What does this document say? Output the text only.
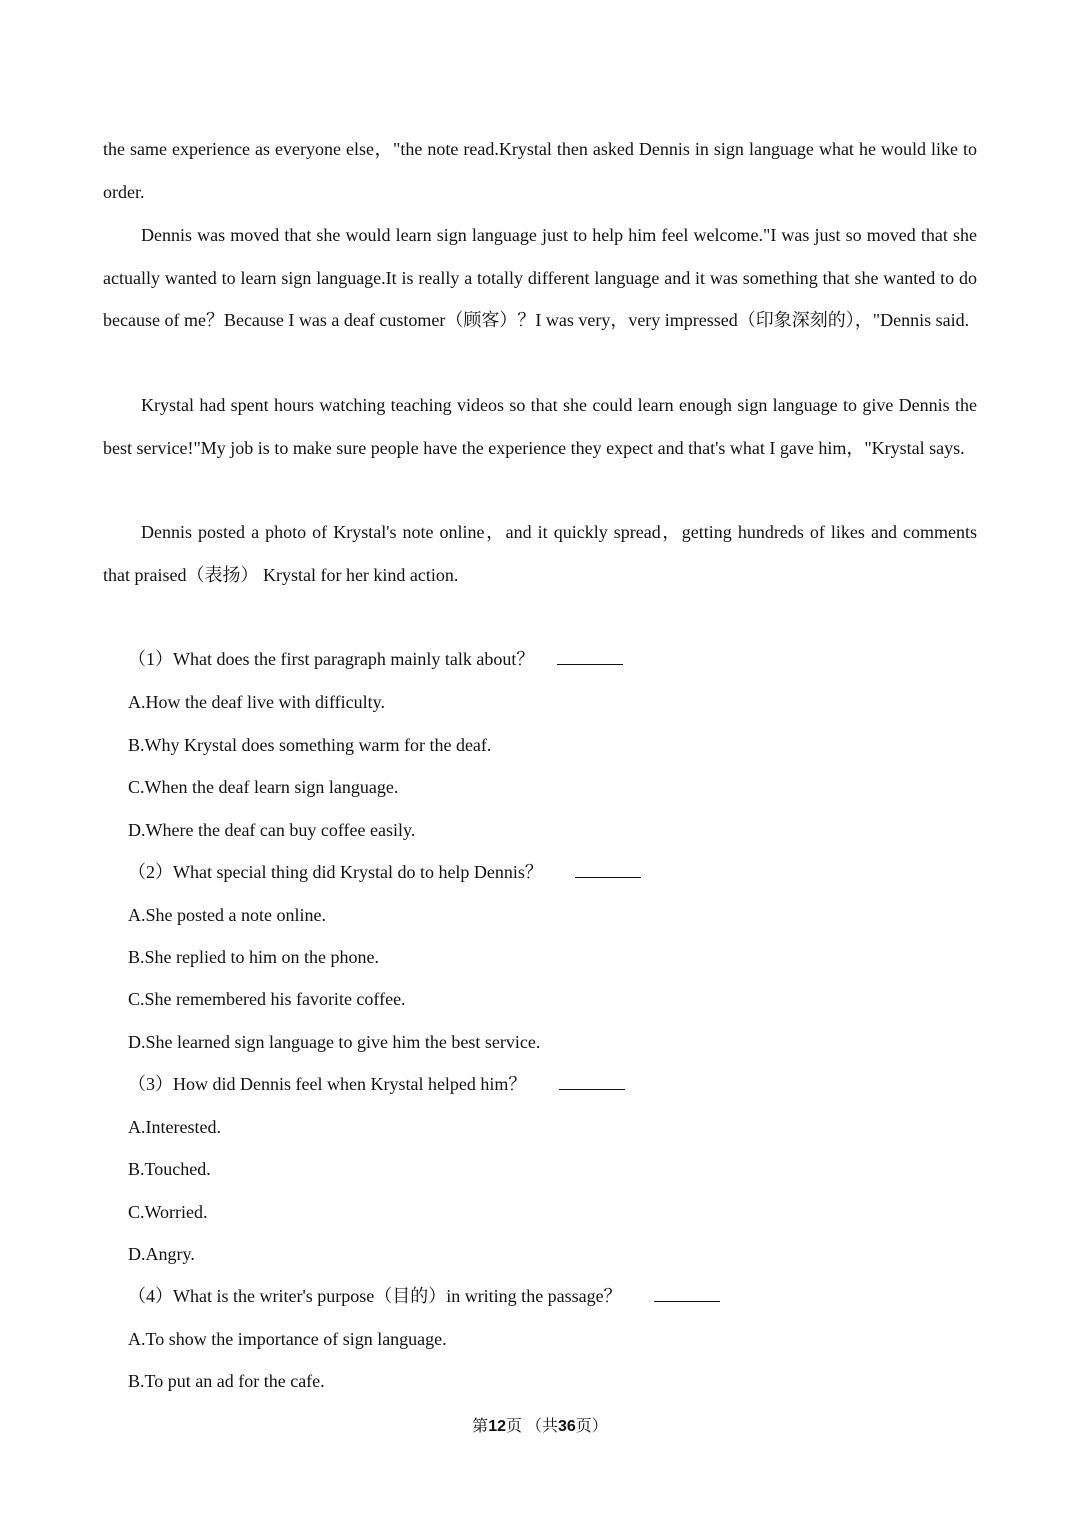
the same experience as everyone else，"the note read.Krystal then asked Dennis in sign language what he would like to order.
Dennis was moved that she would learn sign language just to help him feel welcome."I was just so moved that she actually wanted to learn sign language.It is really a totally different language and it was something that she wanted to do because of me？Because I was a deaf customer（顾客）？I was very，very impressed（印象深刻的），"Dennis said.
Krystal had spent hours watching teaching videos so that she could learn enough sign language to give Dennis the best service!"My job is to make sure people have the experience they expect and that's what I gave him，"Krystal says.
Dennis posted a photo of Krystal's note online，and it quickly spread，getting hundreds of likes and comments that praised（表扬） Krystal for her kind action.
（1）What does the first paragraph mainly talk about？
A.How the deaf live with difficulty.
B.Why Krystal does something warm for the deaf.
C.When the deaf learn sign language.
D.Where the deaf can buy coffee easily.
（2）What special thing did Krystal do to help Dennis？
A.She posted a note online.
B.She replied to him on the phone.
C.She remembered his favorite coffee.
D.She learned sign language to give him the best service.
（3）How did Dennis feel when Krystal helped him？
A.Interested.
B.Touched.
C.Worried.
D.Angry.
（4）What is the writer's purpose（目的）in writing the passage？
A.To show the importance of sign language.
B.To put an ad for the cafe.
第12页 （共36页）
